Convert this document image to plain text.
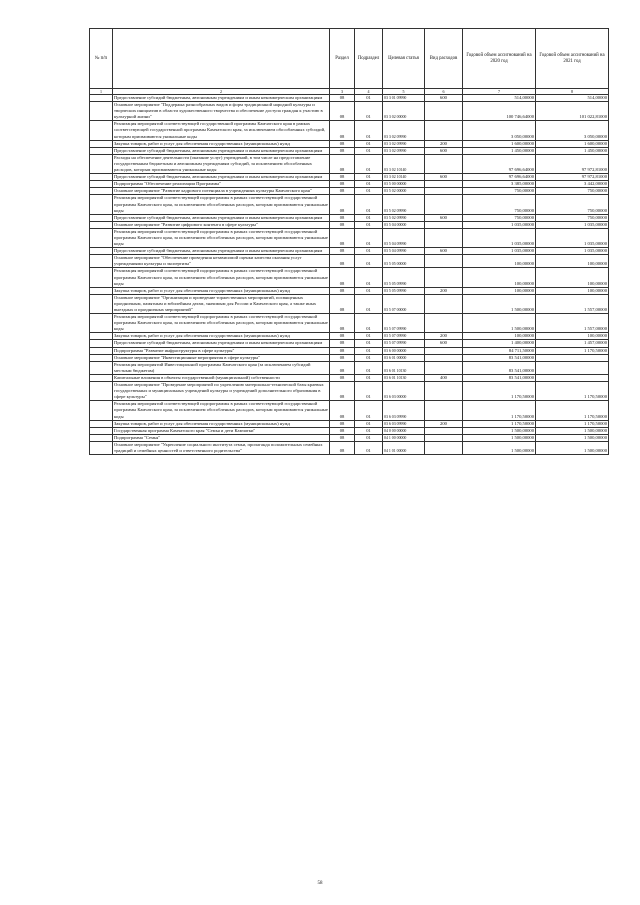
№ п/п		Раздел	Подраздел	Целевая статья	Вид расходов	Годовой объем ассигнований на 2020 год	Годовой объем ассигнований на 2021 год
1	2	3	4	5	6	7	8
	Предоставление субсидий бюджетным, автономным учреждениям и иным некоммерческим организациям	08	01	03 3 01 09990	600	514,00000	514,00000
	Основное мероприятие "Поддержка разнообразных видов и форм традиционной народной культуры и творческих инициатив в области художественного творчества и обеспечение доступа граждан к участию в культурной жизни"	08	01	03 3 02 00000		100 746,64000	101 022,81000
	Реализация мероприятий соответствующей государственной программы Камчатского края в рамках соответствующей государственной программы Камчатского края, за исключением обособленных субсидий, которым присваиваются уникальные коды	08	01	03 3 02 09990		3 050,00000	3 050,00000
	Закупка товаров, работ и услуг для обеспечения государственных (муниципальных) нужд	08	01	03 3 02 09990	200	1 600,00000	1 600,00000
	Предоставление субсидий бюджетным, автономным учреждениям и иным некоммерческим организациям	08	01	03 3 02 09990	600	1 450,00000	1 450,00000
	Расходы на обеспечение деятельности (оказание услуг) учреждений, в том числе на предоставление государственным бюджетным и автономным учреждениям субсидий, за исключением обособленных расходов, которым присваиваются уникальные коды	08	01	03 3 02 10140		97 696,64000	97 972,81000
	Предоставление субсидий бюджетным, автономным учреждениям и иным некоммерческим организациям	08	01	03 3 02 10140	600	97 696,64000	97 972,81000
	Подпрограмма "Обеспечение реализации Программы"	08	01	03 5 00 00000		3 385,00000	3 442,00000
	Основное мероприятие "Развитие кадрового потенциала в учреждениях культуры Камчатского края"	08	01	03 5 02 00000		750,00000	750,00000
	Реализация мероприятий соответствующей подпрограммы в рамках соответствующей государственной программы Камчатского края, за исключением обособленных расходов, которым присваиваются уникальные коды	08	01	03 5 02 09990		750,00000	750,00000
	Предоставление субсидий бюджетным, автономным учреждениям и иным некоммерческим организациям	08	01	03 5 02 09990	600	750,00000	750,00000
	Основное мероприятие "Развитие цифрового контента в сфере культуры"	08	01	03 5 04 00000		1 035,00000	1 035,00000
	Реализация мероприятий соответствующей подпрограммы в рамках соответствующей государственной программы Камчатского края, за исключением обособленных расходов, которым присваиваются уникальные коды	08	01	03 5 04 09990		1 035,00000	1 035,00000
	Предоставление субсидий бюджетным, автономным учреждениям и иным некоммерческим организациям	08	01	03 5 04 09990	600	1 035,00000	1 035,00000
	Основное мероприятие "Обеспечение проведения независимой оценки качества оказания услуг учреждениями культуры и экспертизы"	08	01	03 5 05 00000		100,00000	100,00000
	Реализация мероприятий соответствующей подпрограммы в рамках соответствующей государственной программы Камчатского края, за исключением обособленных расходов, которым присваиваются уникальные коды	08	01	03 5 05 09990		100,00000	100,00000
	Закупка товаров, работ и услуг для обеспечения государственных (муниципальных) нужд	08	01	03 5 05 09990	200	100,00000	100,00000
	Основное мероприятие "Организация и проведение торжественных мероприятий, посвященных праздничным, памятным и юбилейным датам, значимым для России и Камчатского края, а также иных выездных и праздничных мероприятий"	08	01	03 5 07 00000		1 500,00000	1 557,00000
	Реализация мероприятий соответствующей подпрограммы в рамках соответствующей государственной программы Камчатского края, за исключением обособленных расходов, которым присваиваются уникальные коды	08	01	03 5 07 09990		1 500,00000	1 557,00000
	Закупка товаров, работ и услуг для обеспечения государственных (муниципальных) нужд	08	01	03 5 07 09990	200	100,00000	100,00000
	Предоставление субсидий бюджетным, автономным учреждениям и иным некоммерческим организациям	08	01	03 5 07 09990	600	1 400,00000	1 457,00000
	Подпрограмма "Развитие инфраструктуры в сфере культуры"	08	01	03 6 00 00000		84 711,50000	1 170,50000
	Основное мероприятие "Инвестиционные мероприятия в сфере культуры"	08	01	03 6 01 00000		83 541,00000	
	Реализация мероприятий Инвестиционной программы Камчатского края (за исключением субсидий местным бюджетам)	08	01	03 6 01 10130		83 541,00000	
	Капитальные вложения в объекты государственной (муниципальной) собственности	08	01	03 6 01 10130	400	83 541,00000	
	Основное мероприятие "Проведение мероприятий по укреплению материально-технической базы краевых государственных и муниципальных учреждений культуры и учреждений дополнительного образования в сфере культуры"	08	01	03 6 03 00000		1 170,50000	1 170,50000
	Реализация мероприятий соответствующей подпрограммы в рамках соответствующей государственной программы Камчатского края, за исключением обособленных расходов, которым присваиваются уникальные коды	08	01	03 6 03 09990		1 170,50000	1 170,50000
	Закупка товаров, работ и услуг для обеспечения государственных (муниципальных) нужд	08	01	03 6 03 09990	200	1 170,50000	1 170,50000
	Государственная программа Камчатского края "Семья и дети Камчатки"	08	01	04 0 00 00000		1 500,00000	1 500,00000
	Подпрограмма "Семья"	08	01	04 1 00 00000		1 500,00000	1 500,00000
	Основное мероприятие "Укрепление социального института семьи, пропаганда положительных семейных традиций и семейных ценностей и ответственного родительства"	08	01	04 1 01 00000		1 500,00000	1 500,00000
58
